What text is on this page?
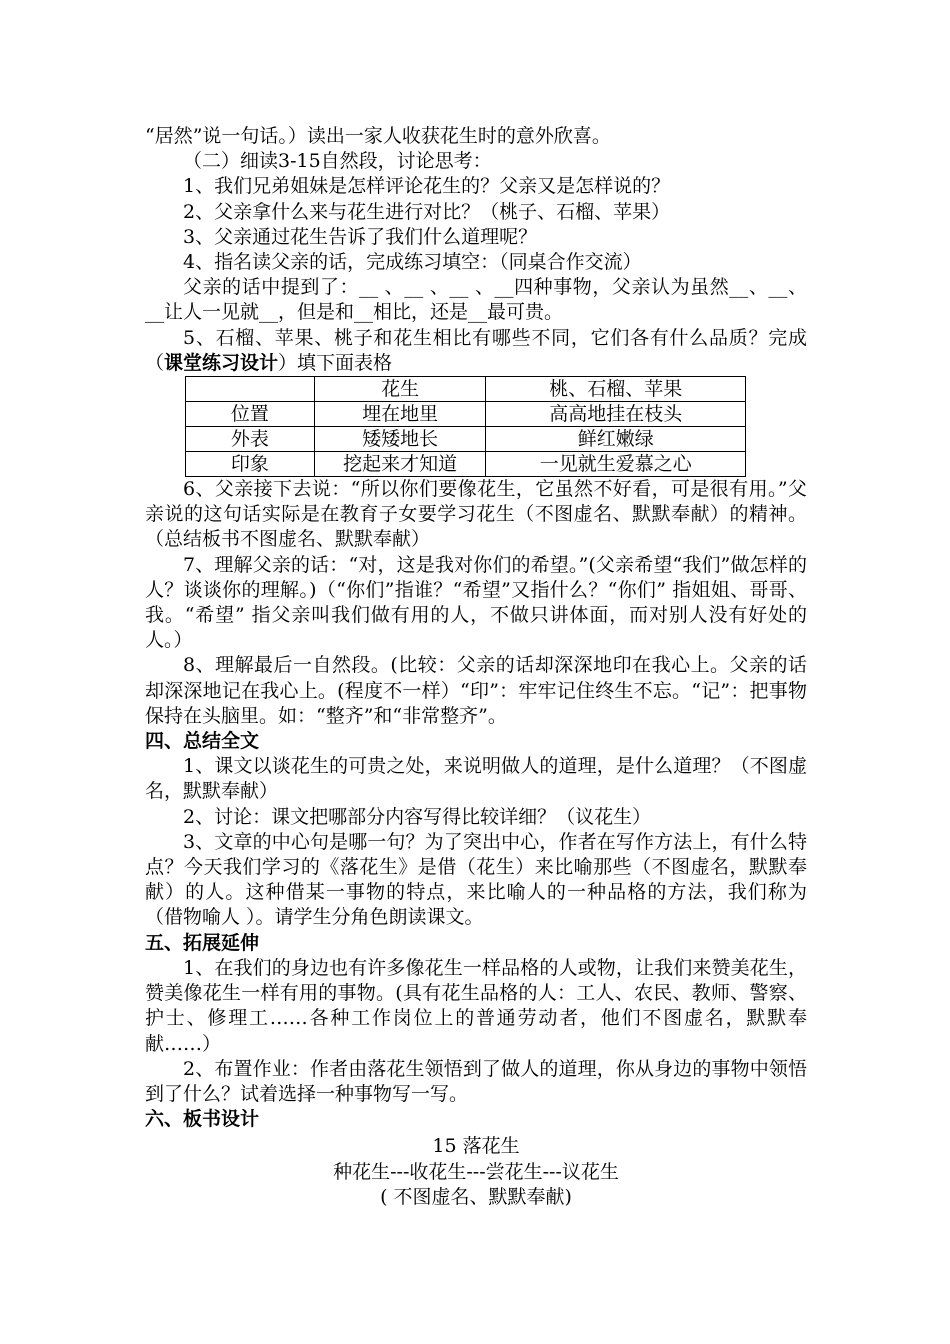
“居然”说一句话。）读出一家人收获花生时的意外欣喜。

（二）细读3-15自然段，讨论思考：

1、我们兄弟姐妹是怎样评论花生的？父亲又是怎样说的？

2、父亲拿什么来与花生进行对比？（桃子、石榴、苹果）

3、父亲通过花生告诉了我们什么道理呢？

4、指名读父亲的话，完成练习填空：（同桌合作交流）

父亲的话中提到了：__ 、__ 、__ 、__四种事物，父亲认为虽然__、__、 __让人一见就__，但是和__相比，还是__最可贵。

5、石榴、苹果、桃子和花生相比有哪些不同，它们各有什么品质？完成（课堂练习设计）填下面表格

	花生	桃、石榴、苹果
位置	埋在地里	高高地挂在枝头
外表	矮矮地长	鲜红嫩绿
印象	挖起来才知道	一见就生爱慕之心

6、父亲接下去说：“所以你们要像花生，它虽然不好看，可是很有用。”父亲说的这句话实际是在教育子女要学习花生（不图虚名、默默奉献）的精神。（总结板书不图虚名、默默奉献）

7、理解父亲的话：“对，这是我对你们的希望。”(父亲希望“我们”做怎样的人？谈谈你的理解。)（“你们”指谁？“希望”又指什么？“你们” 指姐姐、哥哥、我。“希望” 指父亲叫我们做有用的人，不做只讲体面，而对别人没有好处的人。）

8、理解最后一自然段。(比较：父亲的话却深深地印在我心上。父亲的话却深深地记在我心上。(程度不一样）“印”：牢牢记住终生不忘。“记”：把事物保持在头脑里。如：“整齐”和“非常整齐”。

四、总结全文

1、课文以谈花生的可贵之处，来说明做人的道理，是什么道理？（不图虚名，默默奉献）

2、讨论：课文把哪部分内容写得比较详细？（议花生）

3、文章的中心句是哪一句？为了突出中心，作者在写作方法上，有什么特点？今天我们学习的《落花生》是借（花生）来比喻那些（不图虚名，默默奉献）的人。这种借某一事物的特点，来比喻人的一种品格的方法，我们称为（借物喻人 ）。请学生分角色朗读课文。

五、拓展延伸

1、在我们的身边也有许多像花生一样品格的人或物，让我们来赞美花生，赞美像花生一样有用的事物。(具有花生品格的人：工人、农民、教师、警察、护士、修理工……各种工作岗位上的普通劳动者，他们不图虚名，默默奉献……）

2、布置作业：作者由落花生领悟到了做人的道理，你从身边的事物中领悟到了什么？试着选择一种事物写一写。

六、板书设计

15 落花生

种花生---收花生---尝花生---议花生

( 不图虚名、默默奉献)
